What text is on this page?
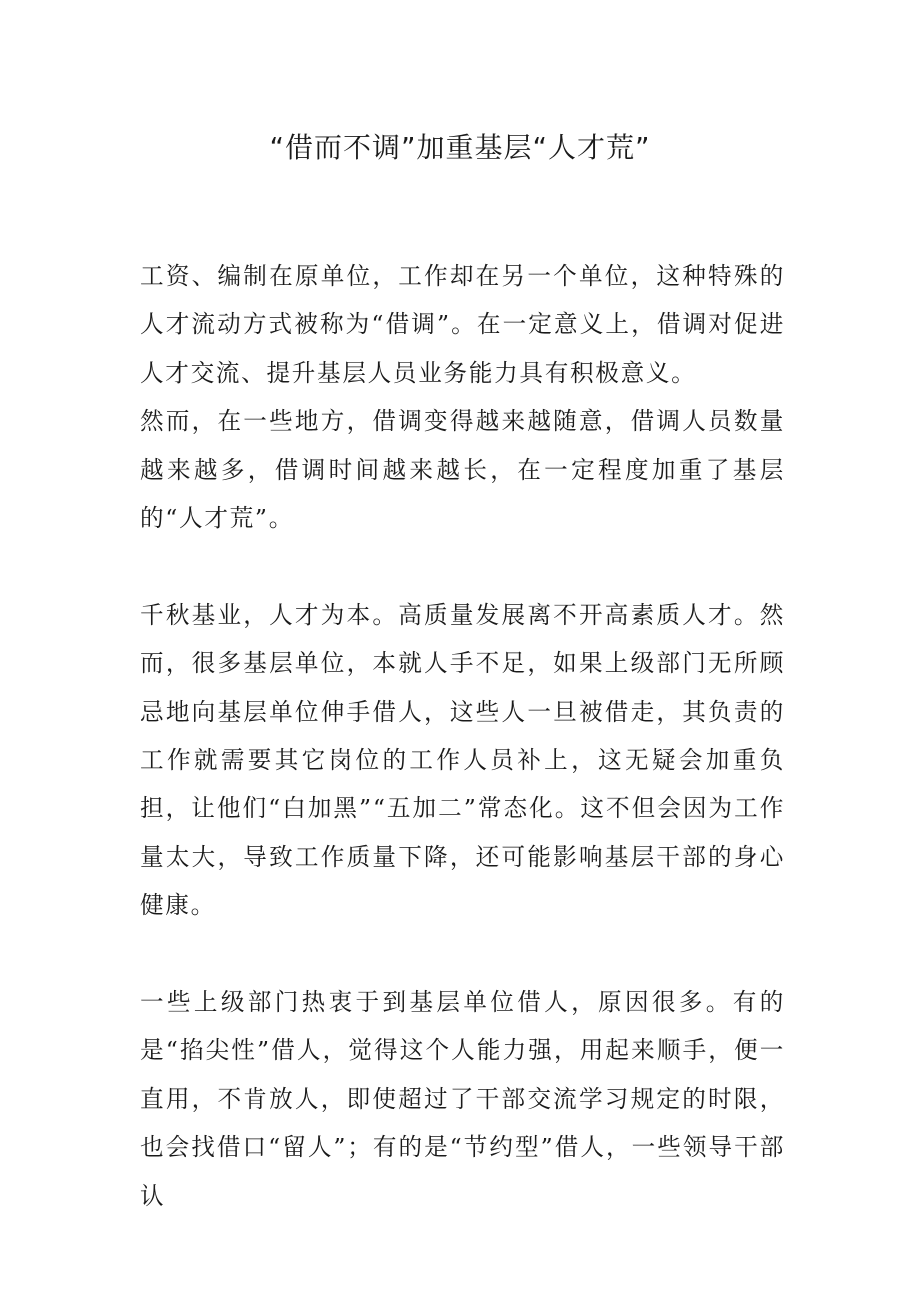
“借而不调”加重基层“人才荒”

工资、编制在原单位，工作却在另一个单位，这种特殊的人才流动方式被称为“借调”。在一定意义上，借调对促进人才交流、提升基层人员业务能力具有积极意义。

然而，在一些地方，借调变得越来越随意，借调人员数量越来越多，借调时间越来越长，在一定程度加重了基层的“人才荒”。

千秋基业，人才为本。高质量发展离不开高素质人才。然而，很多基层单位，本就人手不足，如果上级部门无所顾忌地向基层单位伸手借人，这些人一旦被借走，其负责的工作就需要其它岗位的工作人员补上，这无疑会加重负担，让他们“白加黑”“五加二”常态化。这不但会因为工作量太大，导致工作质量下降，还可能影响基层干部的身心健康。

一些上级部门热衷于到基层单位借人，原因很多。有的是“掐尖性”借人，觉得这个人能力强，用起来顺手，便一直用，不肯放人，即使超过了干部交流学习规定的时限，也会找借口“留人”；有的是“节约型”借人，一些领导干部认
